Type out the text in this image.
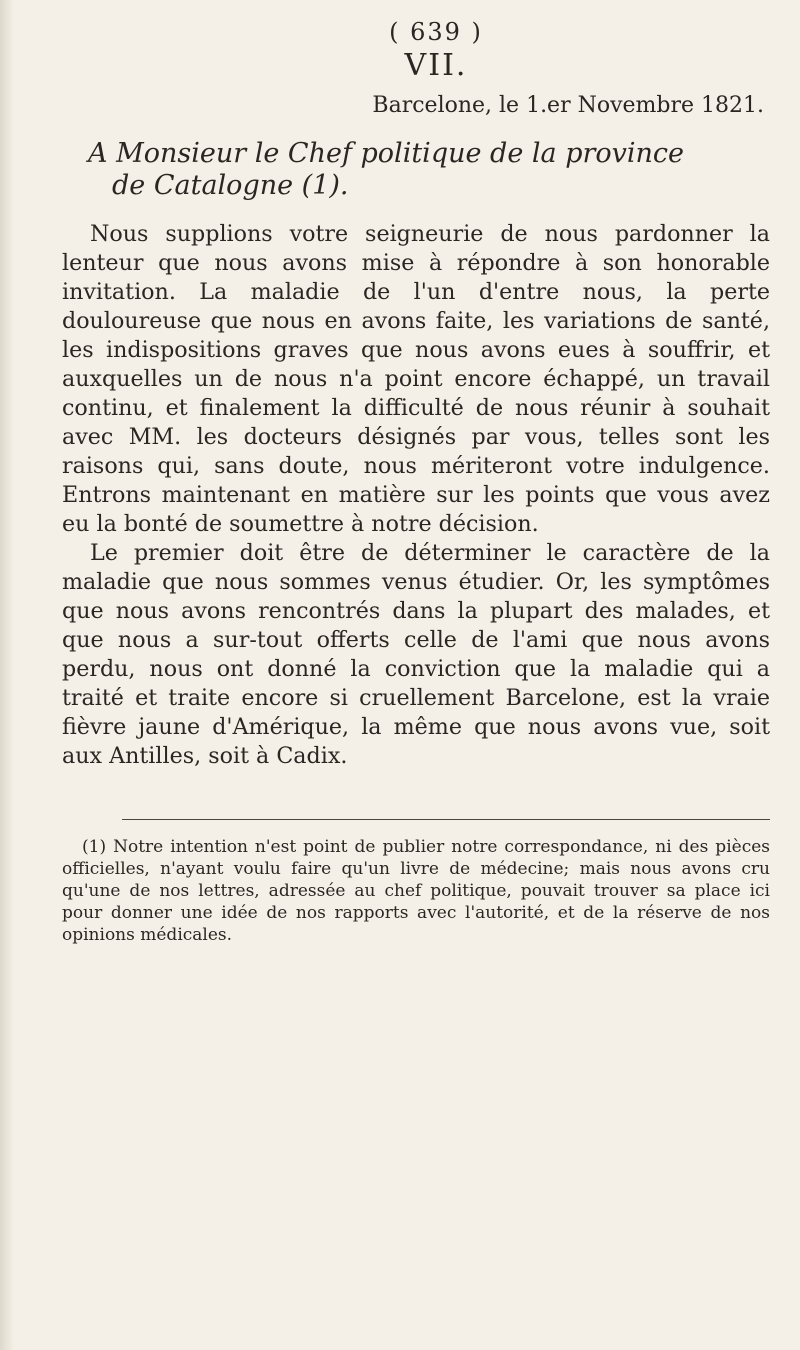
( 639 )

VII.

Barcelone, le 1.er Novembre 1821.

A Monsieur le Chef politique de la province
de Catalogne (1).

Nous supplions votre seigneurie de nous pardonner la lenteur que nous avons mise à répondre à son honorable invitation. La maladie de l'un d'entre nous, la perte douloureuse que nous en avons faite, les variations de santé, les indispositions graves que nous avons eues à souffrir, et auxquelles un de nous n'a point encore échappé, un travail continu, et finalement la difficulté de nous réunir à souhait avec MM. les docteurs désignés par vous, telles sont les raisons qui, sans doute, nous mériteront votre indulgence. Entrons maintenant en matière sur les points que vous avez eu la bonté de soumettre à notre décision.

Le premier doit être de déterminer le caractère de la maladie que nous sommes venus étudier. Or, les symptômes que nous avons rencontrés dans la plupart des malades, et que nous a sur-tout offerts celle de l'ami que nous avons perdu, nous ont donné la conviction que la maladie qui a traité et traite encore si cruellement Barcelone, est la vraie fièvre jaune d'Amérique, la même que nous avons vue, soit aux Antilles, soit à Cadix.

(1) Notre intention n'est point de publier notre correspondance, ni des pièces officielles, n'ayant voulu faire qu'un livre de médecine; mais nous avons cru qu'une de nos lettres, adressée au chef politique, pouvait trouver sa place ici pour donner une idée de nos rapports avec l'autorité, et de la réserve de nos opinions médicales.
